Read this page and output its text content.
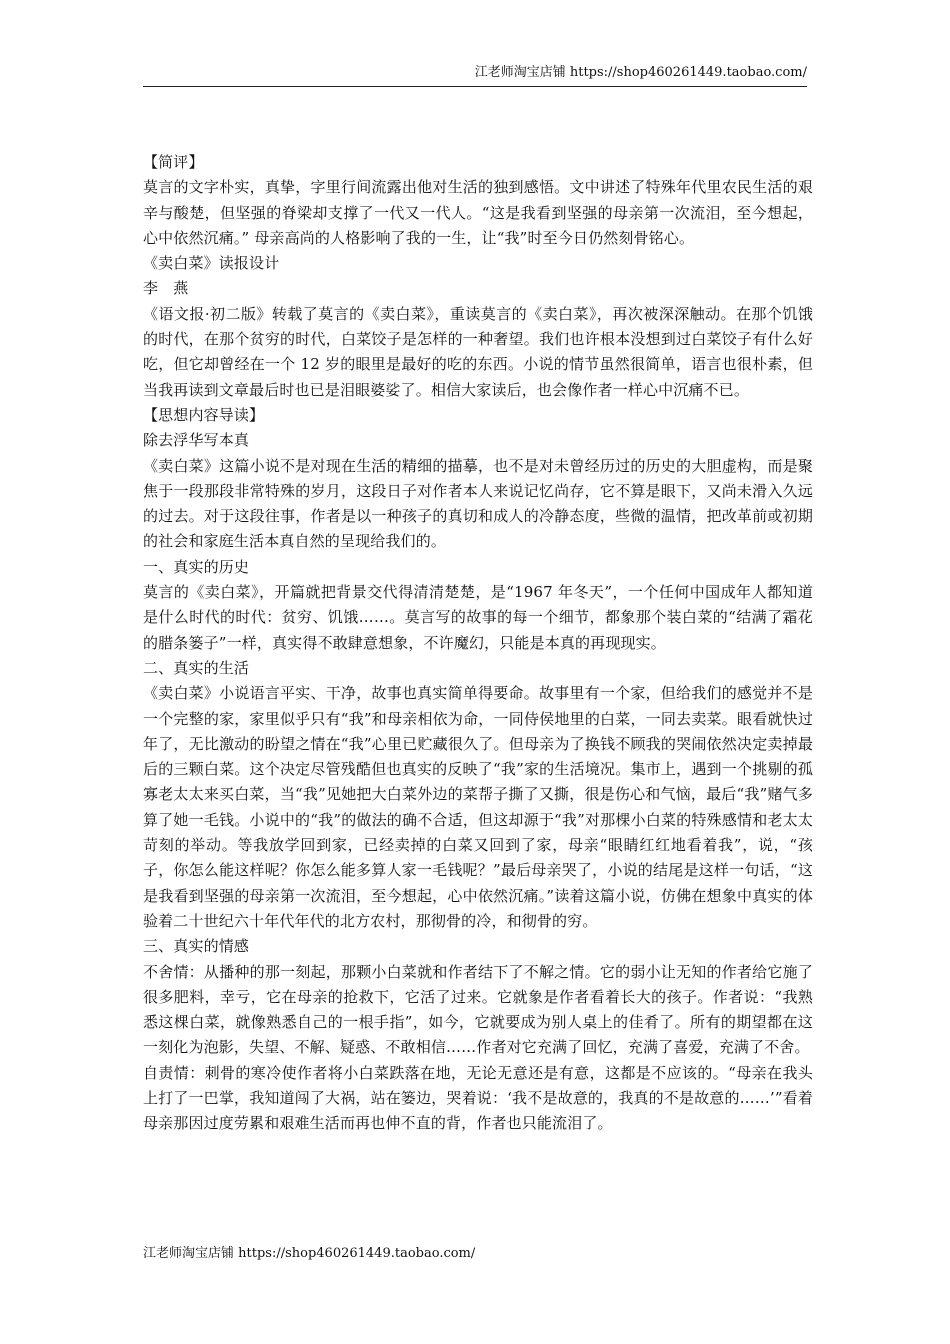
江老师淘宝店铺 https://shop460261449.taobao.com/

【简评】

莫言的文字朴实，真挚，字里行间流露出他对生活的独到感悟。文中讲述了特殊年代里农民生活的艰辛与酸楚，但坚强的脊梁却支撑了一代又一代人。“这是我看到坚强的母亲第一次流泪，至今想起，心中依然沉痛。” 母亲高尚的人格影响了我的一生，让“我”时至今日仍然刻骨铭心。

《卖白菜》读报设计

李　燕

《语文报·初二版》转载了莫言的《卖白菜》，重读莫言的《卖白菜》，再次被深深触动。在那个饥饿的时代，在那个贫穷的时代，白菜饺子是怎样的一种奢望。我们也许根本没想到过白菜饺子有什么好吃，但它却曾经在一个 12 岁的眼里是最好的吃的东西。小说的情节虽然很简单，语言也很朴素，但当我再读到文章最后时也已是泪眼婆娑了。相信大家读后，也会像作者一样心中沉痛不已。

【思想内容导读】

除去浮华写本真

《卖白菜》这篇小说不是对现在生活的精细的描摹，也不是对未曾经历过的历史的大胆虚构，而是聚焦于一段那段非常特殊的岁月，这段日子对作者本人来说记忆尚存，它不算是眼下，又尚未滑入久远的过去。对于这段往事，作者是以一种孩子的真切和成人的冷静态度，些微的温情，把改革前或初期的社会和家庭生活本真自然的呈现给我们的。

一、真实的历史

莫言的《卖白菜》，开篇就把背景交代得清清楚楚，是“1967 年冬天”，一个任何中国成年人都知道是什么时代的时代：贫穷、饥饿……。莫言写的故事的每一个细节，都象那个装白菜的“结满了霜花的腊条篓子”一样，真实得不敢肆意想象，不许魔幻，只能是本真的再现现实。

二、真实的生活

《卖白菜》小说语言平实、干净，故事也真实简单得要命。故事里有一个家，但给我们的感觉并不是一个完整的家，家里似乎只有“我”和母亲相依为命，一同侍侯地里的白菜，一同去卖菜。眼看就快过年了，无比激动的盼望之情在“我”心里已贮藏很久了。但母亲为了换钱不顾我的哭闹依然决定卖掉最后的三颗白菜。这个决定尽管残酷但也真实的反映了“我”家的生活境况。集市上，遇到一个挑剔的孤寡老太太来买白菜，当“我”见她把大白菜外边的菜帮子撕了又撕，很是伤心和气恼，最后“我”赌气多算了她一毛钱。小说中的“我”的做法的确不合适，但这却源于“我”对那棵小白菜的特殊感情和老太太苛刻的举动。等我放学回到家，已经卖掉的白菜又回到了家，母亲“眼睛红红地看着我”，说，“孩子，你怎么能这样呢？你怎么能多算人家一毛钱呢？”最后母亲哭了，小说的结尾是这样一句话，“这是我看到坚强的母亲第一次流泪，至今想起，心中依然沉痛。”读着这篇小说，仿佛在想象中真实的体验着二十世纪六十年代年代的北方农村，那彻骨的冷，和彻骨的穷。

三、真实的情感

不舍情：从播种的那一刻起，那颗小白菜就和作者结下了不解之情。它的弱小让无知的作者给它施了很多肥料，幸亏，它在母亲的抢救下，它活了过来。它就象是作者看着长大的孩子。作者说：“我熟悉这棵白菜，就像熟悉自己的一根手指”，如今，它就要成为别人桌上的佳肴了。所有的期望都在这一刻化为泡影，失望、不解、疑惑、不敢相信……作者对它充满了回忆，充满了喜爱，充满了不舍。

自责情：刺骨的寒冷使作者将小白菜跌落在地，无论无意还是有意，这都是不应该的。“母亲在我头上打了一巴掌，我知道闯了大祸，站在篓边，哭着说：‘我不是故意的，我真的不是故意的……’”看着母亲那因过度劳累和艰难生活而再也伸不直的背，作者也只能流泪了。

江老师淘宝店铺 https://shop460261449.taobao.com/
